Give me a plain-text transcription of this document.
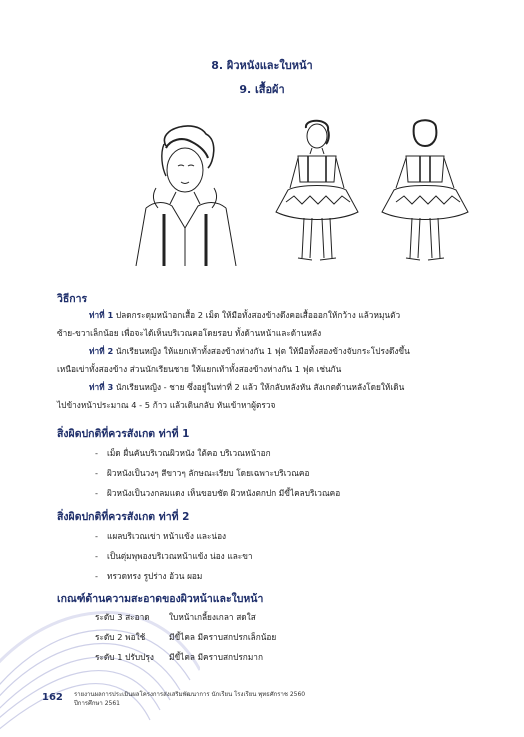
8. ผิวหนังและใบหน้า
9. เสื้อผ้า
วิธีการ
ท่าที่ 1 ปลดกระดุมหน้าอกเสื้อ 2 เม็ด ให้มือทั้งสองข้างดึงคอเสื้อออกให้กว้าง แล้วหมุนตัว
ซ้าย-ขวาเล็กน้อย เพื่อจะได้เห็นบริเวณคอโดยรอบ ทั้งด้านหน้าและด้านหลัง
ท่าที่ 2 นักเรียนหญิง ให้แยกเท้าทั้งสองข้างห่างกัน 1 ฟุต ให้มือทั้งสองข้างจับกระโปรงดึงขึ้น
เหนือเข่าทั้งสองข้าง ส่วนนักเรียนชาย ให้แยกเท้าทั้งสองข้างห่างกัน 1 ฟุต เช่นกัน
ท่าที่ 3 นักเรียนหญิง - ชาย ซึ่งอยู่ในท่าที่ 2 แล้ว ให้กลับหลังหัน สังเกตด้านหลังโดยให้เดิน
ไปข้างหน้าประมาณ 4 - 5 ก้าว แล้วเดินกลับ หันเข้าหาผู้ตรวจ
สิ่งผิดปกติที่ควรสังเกต ท่าที่ 1
- เม็ด ผื่นคันบริเวณผิวหนัง ใต้คอ บริเวณหน้าอก
- ผิวหนังเป็นวงๆ สีขาวๆ ลักษณะเรียบ โดยเฉพาะบริเวณคอ
- ผิวหนังเป็นวงกลมแดง เห็นขอบชัด ผิวหนังตกปก มีขี้ไคลบริเวณคอ
สิ่งผิดปกติที่ควรสังเกต ท่าที่ 2
- แผลบริเวณเข่า หน้าแข้ง และน่อง
- เป็นตุ่มพุพองบริเวณหน้าแข้ง น่อง และขา
- ทรวดทรง รูปร่าง อ้วน ผอม
เกณฑ์ด้านความสะอาดของผิวหน้าและใบหน้า
ระดับ 3 สะอาด ใบหน้าเกลี้ยงเกลา สดใส
ระดับ 2 พอใช้	มีขี้ไคล มีคราบสกปรกเล็กน้อย
ระดับ 1 ปรับปรุง มีขี้ไคล มีคราบสกปรกมาก
162 รายงานผลการประเมินผลโครงการส่งเสริมพัฒนาการ นักเรียน โรงเรียน พุทธศักราช 2560
ปีการศึกษา 2561
